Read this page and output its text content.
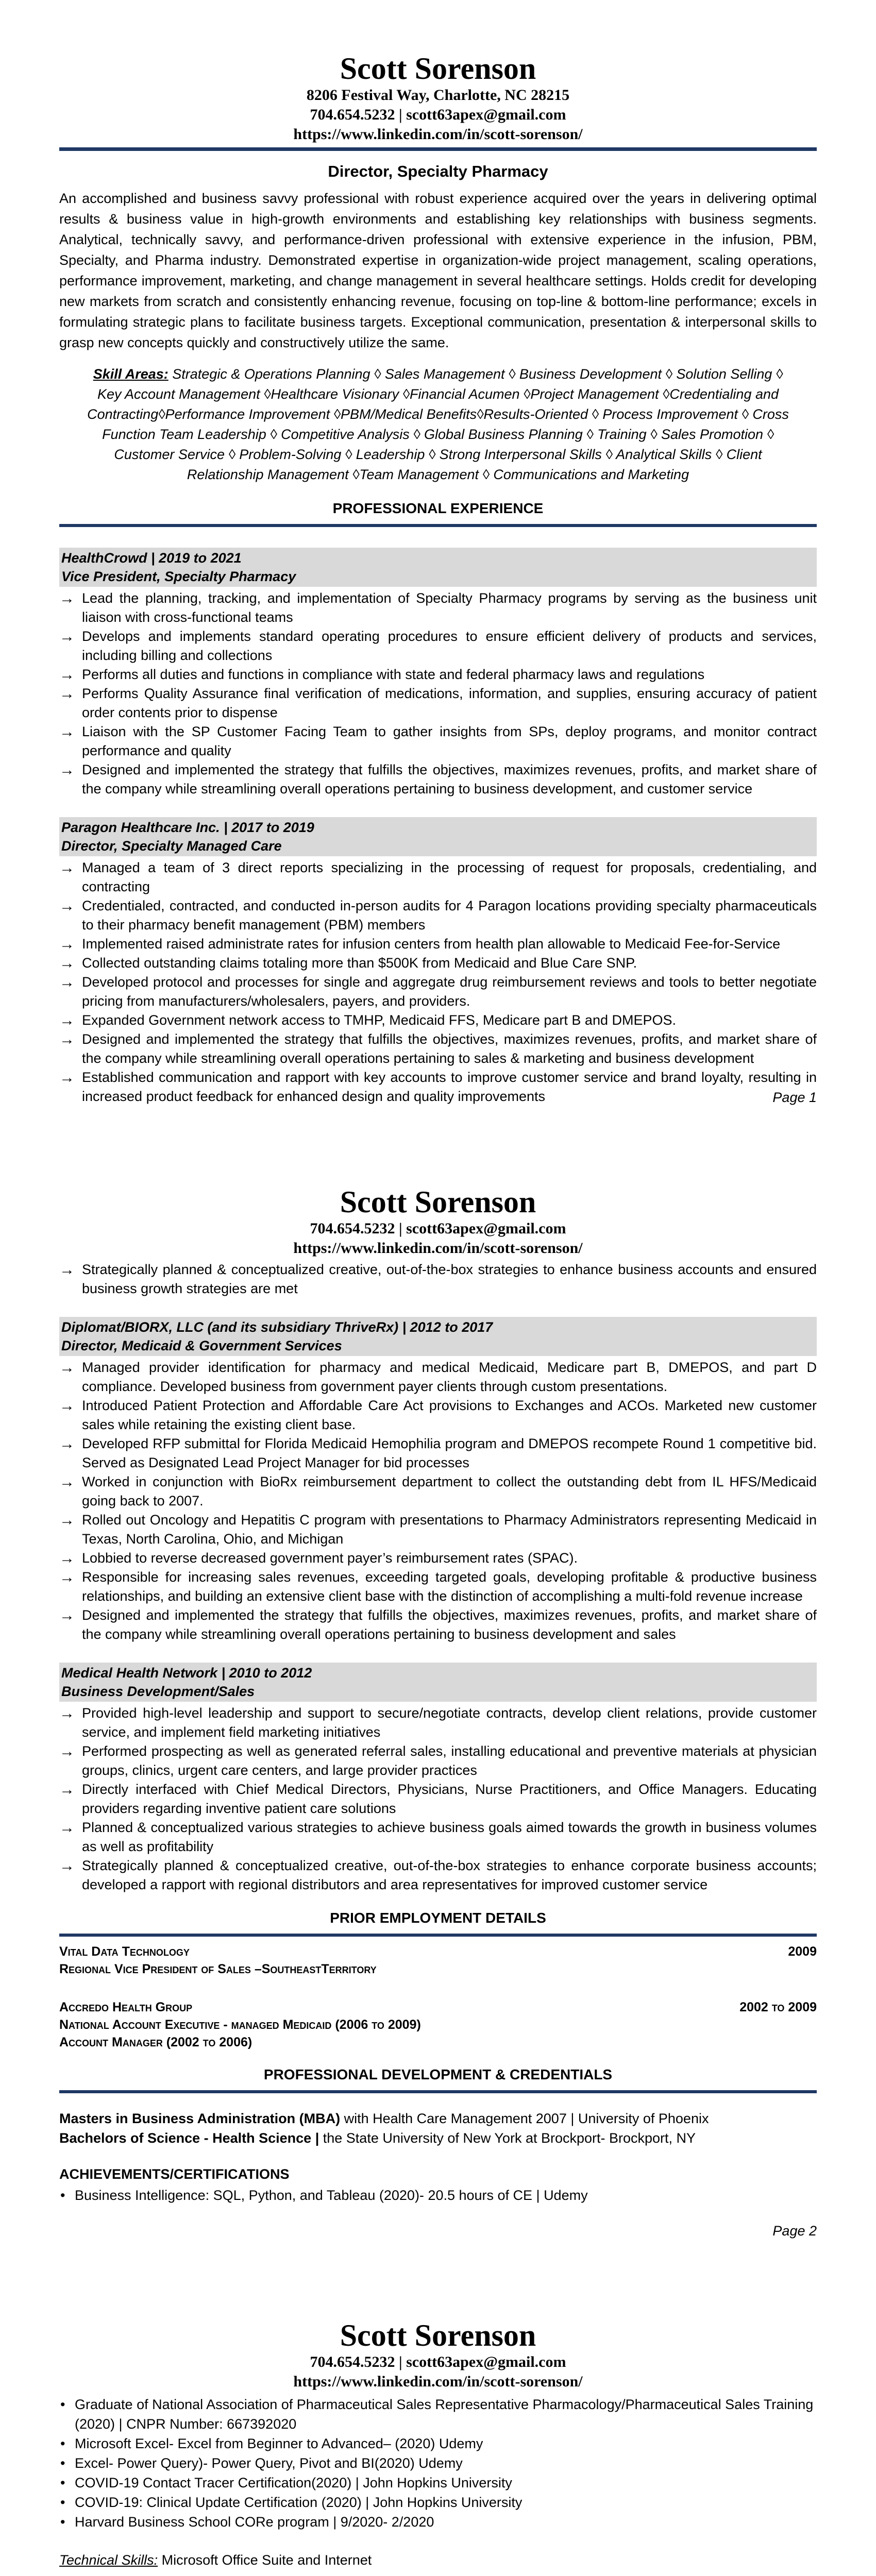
Scott Sorenson
8206 Festival Way, Charlotte, NC 28215
704.654.5232 | scott63apex@gmail.com
https://www.linkedin.com/in/scott-sorenson/
Director, Specialty Pharmacy

An accomplished and business savvy professional with robust experience acquired over the years in delivering optimal results & business value in high-growth environments and establishing key relationships with business segments. Analytical, technically savvy, and performance-driven professional with extensive experience in the infusion, PBM, Specialty, and Pharma industry. Demonstrated expertise in organization-wide project management, scaling operations, performance improvement, marketing, and change management in several healthcare settings. Holds credit for developing new markets from scratch and consistently enhancing revenue, focusing on top-line & bottom-line performance; excels in formulating strategic plans to facilitate business targets. Exceptional communication, presentation & interpersonal skills to grasp new concepts quickly and constructively utilize the same.

Skill Areas: Strategic & Operations Planning ◊ Sales Management ◊ Business Development ◊ Solution Selling ◊ Key Account Management ◊Healthcare Visionary ◊Financial Acumen ◊Project Management ◊Credentialing and Contracting◊Performance Improvement ◊PBM/Medical Benefits◊Results-Oriented ◊ Process Improvement ◊ Cross Function Team Leadership ◊ Competitive Analysis ◊ Global Business Planning ◊ Training ◊ Sales Promotion ◊ Customer Service ◊ Problem-Solving ◊ Leadership ◊ Strong Interpersonal Skills ◊ Analytical Skills ◊ Client Relationship Management ◊Team Management ◊ Communications and Marketing
PROFESSIONAL EXPERIENCE
HealthCrowd | 2019 to 2021
Vice President, Specialty Pharmacy
→ Lead the planning, tracking, and implementation of Specialty Pharmacy programs by serving as the business unit liaison with cross-functional teams
→ Develops and implements standard operating procedures to ensure efficient delivery of products and services, including billing and collections
→ Performs all duties and functions in compliance with state and federal pharmacy laws and regulations
→ Performs Quality Assurance final verification of medications, information, and supplies, ensuring accuracy of patient order contents prior to dispense
→ Liaison with the SP Customer Facing Team to gather insights from SPs, deploy programs, and monitor contract performance and quality
→ Designed and implemented the strategy that fulfills the objectives, maximizes revenues, profits, and market share of the company while streamlining overall operations pertaining to business development, and customer service
Paragon Healthcare Inc. | 2017 to 2019
Director, Specialty Managed Care
→ Managed a team of 3 direct reports specializing in the processing of request for proposals, credentialing, and contracting
→ Credentialed, contracted, and conducted in-person audits for 4 Paragon locations providing specialty pharmaceuticals to their pharmacy benefit management (PBM) members
→ Implemented raised administrate rates for infusion centers from health plan allowable to Medicaid Fee-for-Service
→ Collected outstanding claims totaling more than $500K from Medicaid and Blue Care SNP.
→ Developed protocol and processes for single and aggregate drug reimbursement reviews and tools to better negotiate pricing from manufacturers/wholesalers, payers, and providers.
→ Expanded Government network access to TMHP, Medicaid FFS, Medicare part B and DMEPOS.
→ Designed and implemented the strategy that fulfills the objectives, maximizes revenues, profits, and market share of the company while streamlining overall operations pertaining to sales & marketing and business development
→ Established communication and rapport with key accounts to improve customer service and brand loyalty, resulting in increased product feedback for enhanced design and quality improvements	Page 1
Scott Sorenson
704.654.5232 | scott63apex@gmail.com
https://www.linkedin.com/in/scott-sorenson/
→ Strategically planned & conceptualized creative, out-of-the-box strategies to enhance business accounts and ensured business growth strategies are met
Diplomat/BIORX, LLC (and its subsidiary ThriveRx) | 2012 to 2017
Director, Medicaid & Government Services
→ Managed provider identification for pharmacy and medical Medicaid, Medicare part B, DMEPOS, and part D compliance. Developed business from government payer clients through custom presentations.
→ Introduced Patient Protection and Affordable Care Act provisions to Exchanges and ACOs. Marketed new customer sales while retaining the existing client base.
→ Developed RFP submittal for Florida Medicaid Hemophilia program and DMEPOS recompete Round 1 competitive bid. Served as Designated Lead Project Manager for bid processes
→ Worked in conjunction with BioRx reimbursement department to collect the outstanding debt from IL HFS/Medicaid going back to 2007.
→ Rolled out Oncology and Hepatitis C program with presentations to Pharmacy Administrators representing Medicaid in Texas, North Carolina, Ohio, and Michigan
→ Lobbied to reverse decreased government payer’s reimbursement rates (SPAC).
→ Responsible for increasing sales revenues, exceeding targeted goals, developing profitable & productive business relationships, and building an extensive client base with the distinction of accomplishing a multi-fold revenue increase
→ Designed and implemented the strategy that fulfills the objectives, maximizes revenues, profits, and market share of the company while streamlining overall operations pertaining to business development and sales
Medical Health Network | 2010 to 2012
Business Development/Sales
→ Provided high-level leadership and support to secure/negotiate contracts, develop client relations, provide customer service, and implement field marketing initiatives
→ Performed prospecting as well as generated referral sales, installing educational and preventive materials at physician groups, clinics, urgent care centers, and large provider practices
→ Directly interfaced with Chief Medical Directors, Physicians, Nurse Practitioners, and Office Managers. Educating providers regarding inventive patient care solutions
→ Planned & conceptualized various strategies to achieve business goals aimed towards the growth in business volumes as well as profitability
→ Strategically planned & conceptualized creative, out-of-the-box strategies to enhance corporate business accounts; developed a rapport with regional distributors and area representatives for improved customer service
PRIOR EMPLOYMENT DETAILS
Vital Data Technology	2009
Regional Vice President of Sales –SoutheastTerritory
Accredo Health Group	2002 to 2009
National Account Executive - managed Medicaid (2006 to 2009)
Account Manager (2002 to 2006)
PROFESSIONAL DEVELOPMENT & CREDENTIALS
Masters in Business Administration (MBA) with Health Care Management 2007 | University of Phoenix
Bachelors of Science - Health Science | the State University of New York at Brockport- Brockport, NY
ACHIEVEMENTS/CERTIFICATIONS
• Business Intelligence: SQL, Python, and Tableau (2020)- 20.5 hours of CE | Udemy
Page 2
Scott Sorenson
704.654.5232 | scott63apex@gmail.com
https://www.linkedin.com/in/scott-sorenson/
• Graduate of National Association of Pharmaceutical Sales Representative Pharmacology/Pharmaceutical Sales Training (2020) | CNPR Number: 667392020
• Microsoft Excel- Excel from Beginner to Advanced– (2020) Udemy
• Excel- Power Query)- Power Query, Pivot and BI(2020) Udemy
• COVID-19 Contact Tracer Certification(2020) | John Hopkins University
• COVID-19: Clinical Update Certification (2020) | John Hopkins University
• Harvard Business School CORe program | 9/2020- 2/2020
Technical Skills: Microsoft Office Suite and Internet
